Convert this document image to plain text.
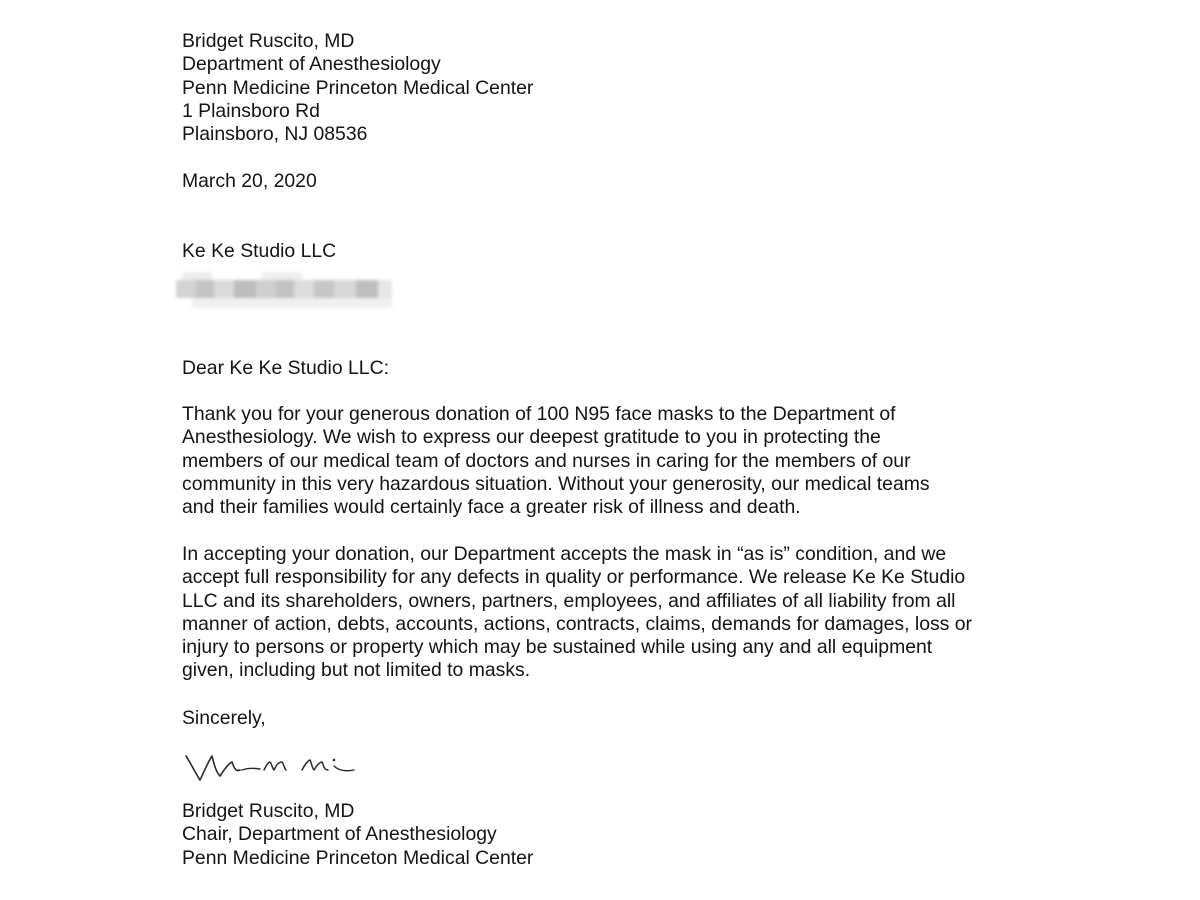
Bridget Ruscito, MD
Department of Anesthesiology
Penn Medicine Princeton Medical Center
1 Plainsboro Rd
Plainsboro, NJ 08536
March 20, 2020
Ke Ke Studio LLC
Dear Ke Ke Studio LLC:
Thank you for your generous donation of 100 N95 face masks to the Department of
Anesthesiology. We wish to express our deepest gratitude to you in protecting the
members of our medical team of doctors and nurses in caring for the members of our
community in this very hazardous situation. Without your generosity, our medical teams
and their families would certainly face a greater risk of illness and death.
In accepting your donation, our Department accepts the mask in “as is” condition, and we
accept full responsibility for any defects in quality or performance. We release Ke Ke Studio
LLC and its shareholders, owners, partners, employees, and affiliates of all liability from all
manner of action, debts, accounts, actions, contracts, claims, demands for damages, loss or
injury to persons or property which may be sustained while using any and all equipment
given, including but not limited to masks.
Sincerely,
Bridget Ruscito, MD
Chair, Department of Anesthesiology
Penn Medicine Princeton Medical Center
